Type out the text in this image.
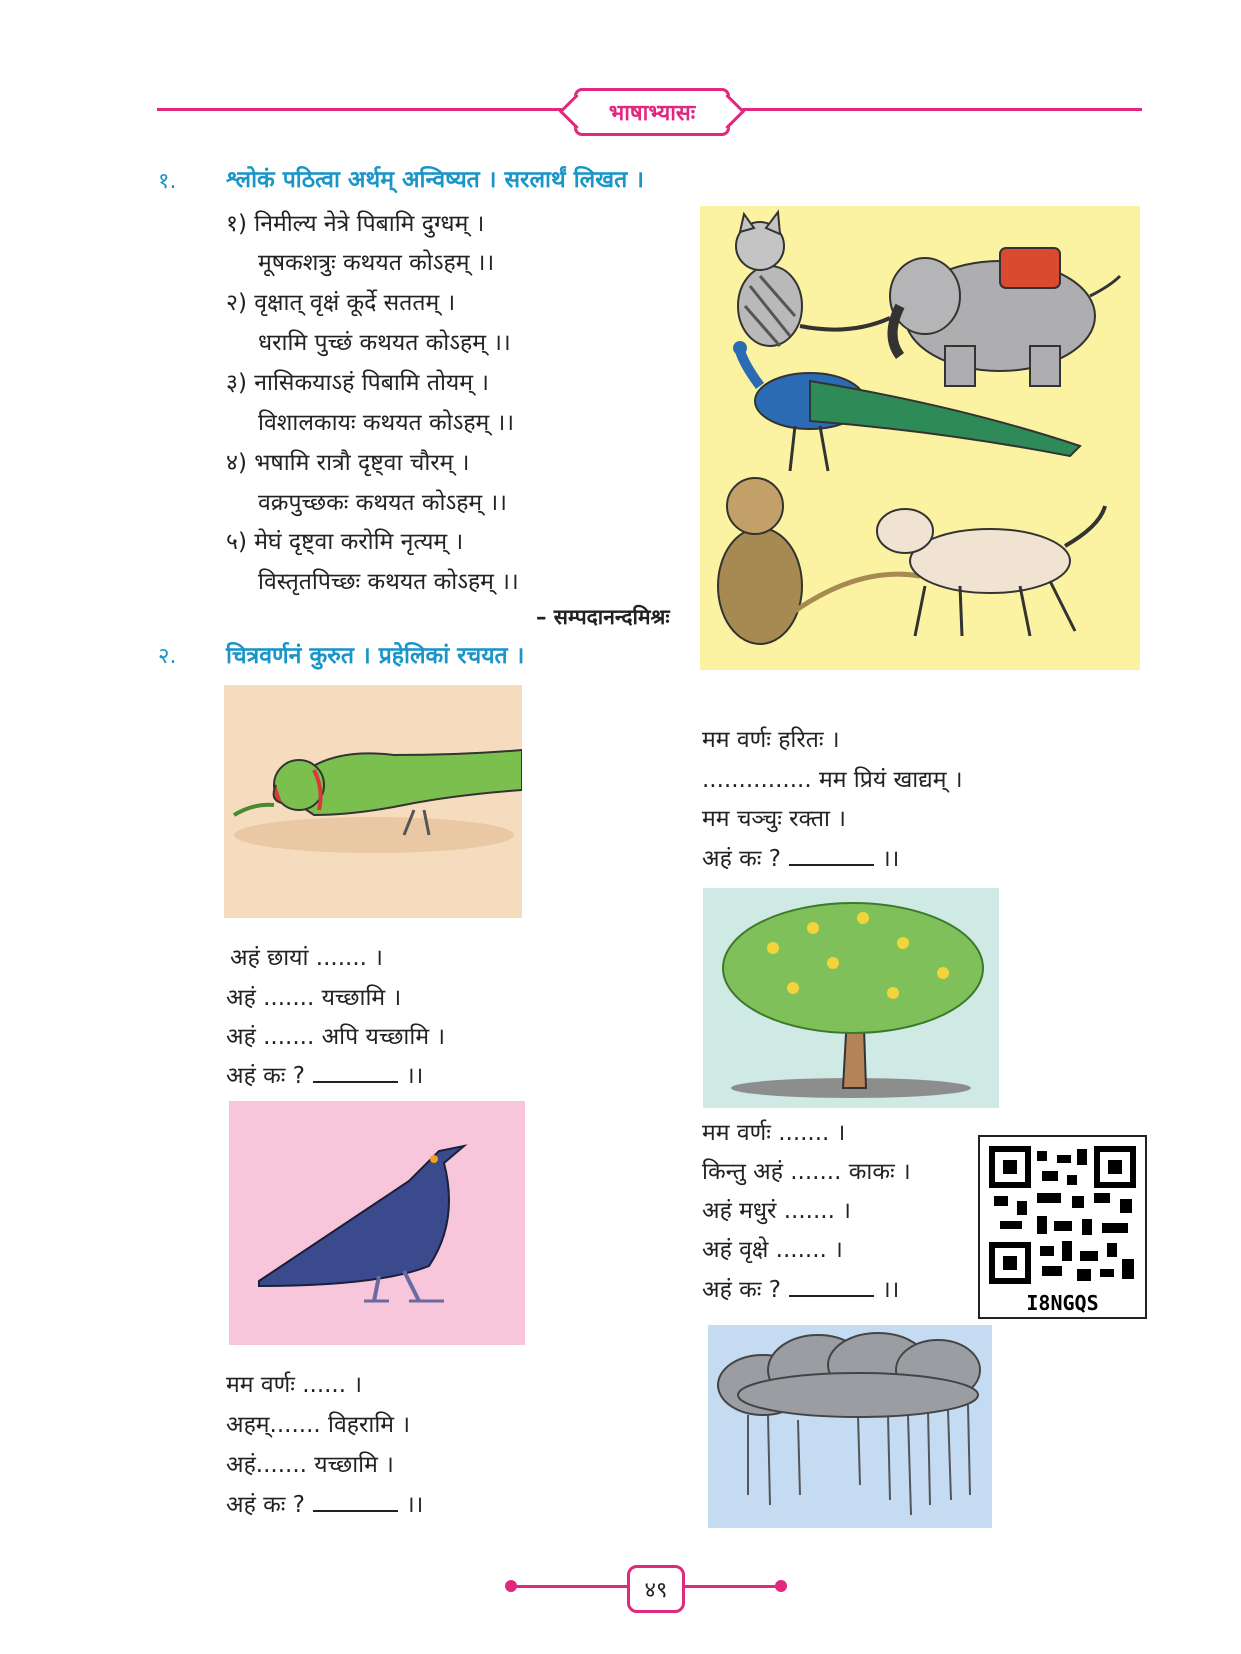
भाषाभ्यासः
१. श्लोकं पठित्वा अर्थम् अन्विष्यत । सरलार्थं लिखत ।
१) निमील्य नेत्रे पिबामि दुग्धम् ।
मूषकशत्रुः कथयत कोऽहम् ।।
२) वृक्षात् वृक्षं कूर्दे सततम् ।
धरामि पुच्छं कथयत कोऽहम् ।।
३) नासिकयाऽहं पिबामि तोयम् ।
विशालकायः कथयत कोऽहम् ।।
४) भषामि रात्रौ दृष्ट्वा चौरम् ।
वक्रपुच्छकः कथयत कोऽहम् ।।
५) मेघं दृष्ट्वा करोमि नृत्यम् ।
विस्तृतपिच्छः कथयत कोऽहम् ।।
– सम्पदानन्दमिश्रः
२. चित्रवर्णनं कुरुत । प्रहेलिकां रचयत ।
मम वर्णः हरितः ।
............... मम प्रियं खाद्यम् ।
मम चञ्चुः रक्ता ।
अहं कः ?	।।
अहं छायां ....... ।
अहं ....... यच्छामि ।
अहं ....... अपि यच्छामि ।
अहं कः ?	।।
मम वर्णः ....... ।
किन्तु अहं ....... काकः ।
अहं मधुरं ....... ।
अहं वृक्षे ....... ।
अहं कः ?	।।	I8NGQS
मम वर्णः ...... ।
अहम्....... विहरामि ।
अहं....... यच्छामि ।
अहं कः ?	।।
४९
